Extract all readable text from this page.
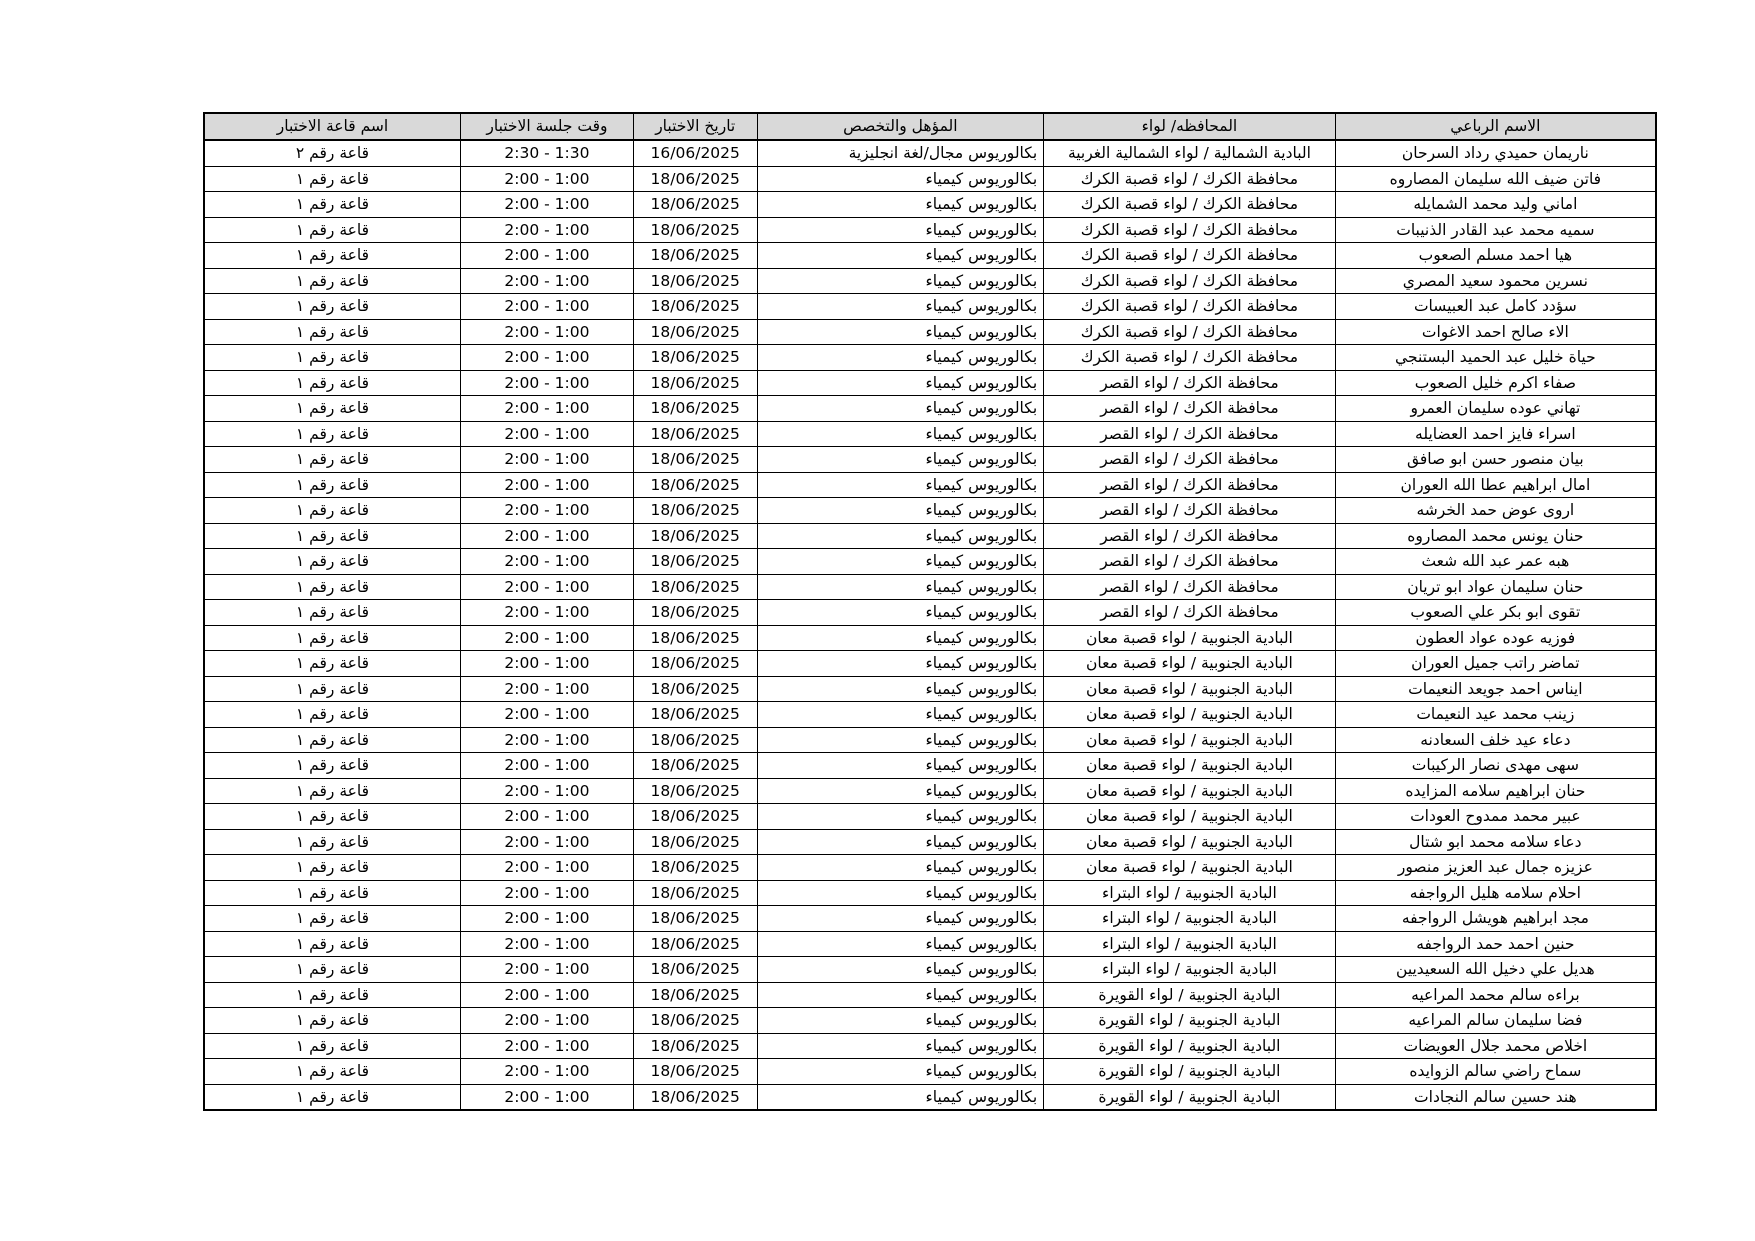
الاسم الرباعي	المحافظه/ لواء	المؤهل والتخصص	تاريخ الاختبار	وقت جلسة الاختبار	اسم قاعة الاختبار
ناريمان حميدي رداد السرحان	البادية الشمالية / لواء الشمالية الغربية	بكالوريوس مجال/لغة انجليزية	16/06/2025	1:30 - 2:30	قاعة رقم ٢
فاتن ضيف الله سليمان المصاروه	محافظة الكرك / لواء قصبة الكرك	بكالوريوس كيمياء	18/06/2025	1:00 - 2:00	قاعة رقم ١
اماني وليد محمد الشمايله	محافظة الكرك / لواء قصبة الكرك	بكالوريوس كيمياء	18/06/2025	1:00 - 2:00	قاعة رقم ١
سميه محمد عبد القادر الذنيبات	محافظة الكرك / لواء قصبة الكرك	بكالوريوس كيمياء	18/06/2025	1:00 - 2:00	قاعة رقم ١
هيا احمد مسلم الصعوب	محافظة الكرك / لواء قصبة الكرك	بكالوريوس كيمياء	18/06/2025	1:00 - 2:00	قاعة رقم ١
نسرين محمود سعيد المصري	محافظة الكرك / لواء قصبة الكرك	بكالوريوس كيمياء	18/06/2025	1:00 - 2:00	قاعة رقم ١
سؤدد كامل عبد العبيسات	محافظة الكرك / لواء قصبة الكرك	بكالوريوس كيمياء	18/06/2025	1:00 - 2:00	قاعة رقم ١
الاء صالح احمد الاغوات	محافظة الكرك / لواء قصبة الكرك	بكالوريوس كيمياء	18/06/2025	1:00 - 2:00	قاعة رقم ١
حياة خليل عبد الحميد البستنجي	محافظة الكرك / لواء قصبة الكرك	بكالوريوس كيمياء	18/06/2025	1:00 - 2:00	قاعة رقم ١
صفاء اكرم خليل الصعوب	محافظة الكرك / لواء القصر	بكالوريوس كيمياء	18/06/2025	1:00 - 2:00	قاعة رقم ١
تهاني عوده سليمان العمرو	محافظة الكرك / لواء القصر	بكالوريوس كيمياء	18/06/2025	1:00 - 2:00	قاعة رقم ١
اسراء فايز احمد العضايله	محافظة الكرك / لواء القصر	بكالوريوس كيمياء	18/06/2025	1:00 - 2:00	قاعة رقم ١
بيان منصور حسن ابو صافق	محافظة الكرك / لواء القصر	بكالوريوس كيمياء	18/06/2025	1:00 - 2:00	قاعة رقم ١
امال ابراهيم عطا الله العوران	محافظة الكرك / لواء القصر	بكالوريوس كيمياء	18/06/2025	1:00 - 2:00	قاعة رقم ١
اروى عوض حمد الخرشه	محافظة الكرك / لواء القصر	بكالوريوس كيمياء	18/06/2025	1:00 - 2:00	قاعة رقم ١
حنان يونس محمد المصاروه	محافظة الكرك / لواء القصر	بكالوريوس كيمياء	18/06/2025	1:00 - 2:00	قاعة رقم ١
هبه عمر عبد الله شعث	محافظة الكرك / لواء القصر	بكالوريوس كيمياء	18/06/2025	1:00 - 2:00	قاعة رقم ١
حنان سليمان عواد ابو تريان	محافظة الكرك / لواء القصر	بكالوريوس كيمياء	18/06/2025	1:00 - 2:00	قاعة رقم ١
تقوى ابو بكر علي الصعوب	محافظة الكرك / لواء القصر	بكالوريوس كيمياء	18/06/2025	1:00 - 2:00	قاعة رقم ١
فوزيه عوده عواد العطون	البادية الجنوبية / لواء قصبة معان	بكالوريوس كيمياء	18/06/2025	1:00 - 2:00	قاعة رقم ١
تماضر راتب جميل العوران	البادية الجنوبية / لواء قصبة معان	بكالوريوس كيمياء	18/06/2025	1:00 - 2:00	قاعة رقم ١
ايناس احمد جويعد النعيمات	البادية الجنوبية / لواء قصبة معان	بكالوريوس كيمياء	18/06/2025	1:00 - 2:00	قاعة رقم ١
زينب محمد عيد النعيمات	البادية الجنوبية / لواء قصبة معان	بكالوريوس كيمياء	18/06/2025	1:00 - 2:00	قاعة رقم ١
دعاء عيد خلف السعادنه	البادية الجنوبية / لواء قصبة معان	بكالوريوس كيمياء	18/06/2025	1:00 - 2:00	قاعة رقم ١
سهى مهدى نصار الركيبات	البادية الجنوبية / لواء قصبة معان	بكالوريوس كيمياء	18/06/2025	1:00 - 2:00	قاعة رقم ١
حنان ابراهيم سلامه المزايده	البادية الجنوبية / لواء قصبة معان	بكالوريوس كيمياء	18/06/2025	1:00 - 2:00	قاعة رقم ١
عبير محمد ممدوح العودات	البادية الجنوبية / لواء قصبة معان	بكالوريوس كيمياء	18/06/2025	1:00 - 2:00	قاعة رقم ١
دعاء سلامه محمد ابو شتال	البادية الجنوبية / لواء قصبة معان	بكالوريوس كيمياء	18/06/2025	1:00 - 2:00	قاعة رقم ١
عزيزه جمال عبد العزيز منصور	البادية الجنوبية / لواء قصبة معان	بكالوريوس كيمياء	18/06/2025	1:00 - 2:00	قاعة رقم ١
احلام سلامه هليل الرواجفه	البادية الجنوبية / لواء البتراء	بكالوريوس كيمياء	18/06/2025	1:00 - 2:00	قاعة رقم ١
مجد ابراهيم هويشل الرواجفه	البادية الجنوبية / لواء البتراء	بكالوريوس كيمياء	18/06/2025	1:00 - 2:00	قاعة رقم ١
حنين احمد حمد الرواجفه	البادية الجنوبية / لواء البتراء	بكالوريوس كيمياء	18/06/2025	1:00 - 2:00	قاعة رقم ١
هديل علي دخيل الله السعيديين	البادية الجنوبية / لواء البتراء	بكالوريوس كيمياء	18/06/2025	1:00 - 2:00	قاعة رقم ١
براءه سالم محمد المراعيه	البادية الجنوبية / لواء القويرة	بكالوريوس كيمياء	18/06/2025	1:00 - 2:00	قاعة رقم ١
فضا سليمان سالم المراعيه	البادية الجنوبية / لواء القويرة	بكالوريوس كيمياء	18/06/2025	1:00 - 2:00	قاعة رقم ١
اخلاص محمد جلال العويضات	البادية الجنوبية / لواء القويرة	بكالوريوس كيمياء	18/06/2025	1:00 - 2:00	قاعة رقم ١
سماح راضي سالم الزوايده	البادية الجنوبية / لواء القويرة	بكالوريوس كيمياء	18/06/2025	1:00 - 2:00	قاعة رقم ١
هند حسين سالم النجادات	البادية الجنوبية / لواء القويرة	بكالوريوس كيمياء	18/06/2025	1:00 - 2:00	قاعة رقم ١
